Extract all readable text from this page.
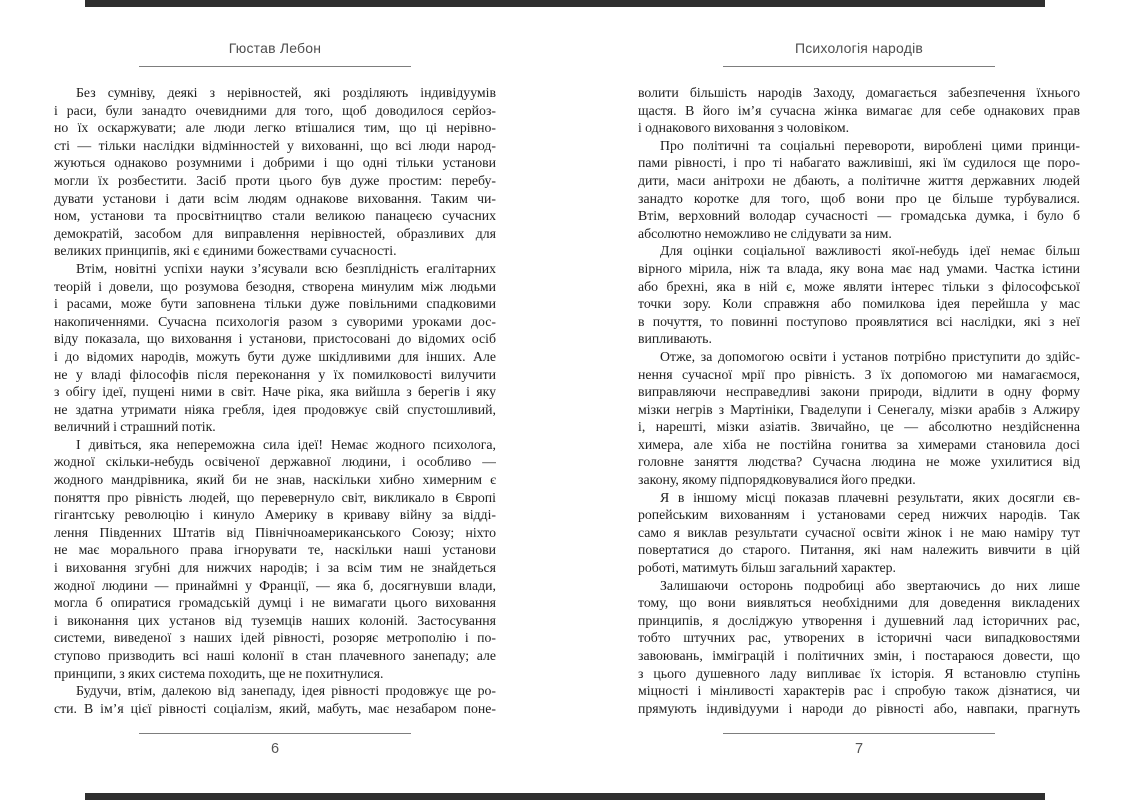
Гюстав Лебон
Без сумніву, деякі з нерівностей, які розділяють індивідуумів
і раси, були занадто очевидними для того, щоб доводилося серйоз-
но їх оскаржувати; але люди легко втішалися тим, що ці нерівно-
сті — тільки наслідки відмінностей у вихованні, що всі люди народ-
жуються однаково розумними і добрими і що одні тільки установи
могли їх розбестити. Засіб проти цього був дуже простим: перебу-
дувати установи і дати всім людям однакове виховання. Таким чи-
ном, установи та просвітництво стали великою панацеєю сучасних
демократій, засобом для виправлення нерівностей, образливих для
великих принципів, які є єдиними божествами сучасності.
Втім, новітні успіхи науки з’ясували всю безплідність егалітарних
теорій і довели, що розумова безодня, створена минулим між людьми
і расами, може бути заповнена тільки дуже повільними спадковими
накопиченнями. Сучасна психологія разом з суворими уроками дос-
віду показала, що виховання і установи, пристосовані до відомих осіб
і до відомих народів, можуть бути дуже шкідливими для інших. Але
не у владі філософів після переконання у їх помилковості вилучити
з обігу ідеї, пущені ними в світ. Наче ріка, яка вийшла з берегів і яку
не здатна утримати ніяка гребля, ідея продовжує свій спустошливий,
величний і страшний потік.
І дивіться, яка непереможна сила ідеї! Немає жодного психолога,
жодної скільки-небудь освіченої державної людини, і особливо —
жодного мандрівника, який би не знав, наскільки хибно химерним є
поняття про рівність людей, що перевернуло світ, викликало в Європі
гігантську революцію і кинуло Америку в криваву війну за відді-
лення Південних Штатів від Північноамериканського Союзу; ніхто
не має морального права ігнорувати те, наскільки наші установи
і виховання згубні для нижчих народів; і за всім тим не знайдеться
жодної людини — принаймні у Франції, — яка б, досягнувши влади,
могла б опиратися громадській думці і не вимагати цього виховання
і виконання цих установ від туземців наших колоній. Застосування
системи, виведеної з наших ідей рівності, розоряє метрополію і по-
ступово призводить всі наші колонії в стан плачевного занепаду; але
принципи, з яких система походить, ще не похитнулися.
Будучи, втім, далекою від занепаду, ідея рівності продовжує ще ро-
сти. В ім’я цієї рівності соціалізм, який, мабуть, має незабаром поне-
6
Психологія народів
волити більшість народів Заходу, домагається забезпечення їхнього
щастя. В його ім’я сучасна жінка вимагає для себе однакових прав
і однакового виховання з чоловіком.
Про політичні та соціальні перевороти, вироблені цими принци-
пами рівності, і про ті набагато важливіші, які їм судилося ще поро-
дити, маси анітрохи не дбають, а політичне життя державних людей
занадто коротке для того, щоб вони про це більше турбувалися.
Втім, верховний володар сучасності — громадська думка, і було б
абсолютно неможливо не слідувати за ним.
Для оцінки соціальної важливості якої-небудь ідеї немає більш
вірного мірила, ніж та влада, яку вона має над умами. Частка істини
або брехні, яка в ній є, може являти інтерес тільки з філософської
точки зору. Коли справжня або помилкова ідея перейшла у мас
в почуття, то повинні поступово проявлятися всі наслідки, які з неї
випливають.
Отже, за допомогою освіти і установ потрібно приступити до здійс-
нення сучасної мрії про рівність. З їх допомогою ми намагаємося,
виправляючи несправедливі закони природи, відлити в одну форму
мізки негрів з Мартініки, Гваделупи і Сенегалу, мізки арабів з Алжиру
і, нарешті, мізки азіатів. Звичайно, це — абсолютно нездійсненна
химера, але хіба не постійна гонитва за химерами становила досі
головне заняття людства? Сучасна людина не може ухилитися від
закону, якому підпорядковувалися його предки.
Я в іншому місці показав плачевні результати, яких досягли єв-
ропейським вихованням і установами серед нижчих народів. Так
само я виклав результати сучасної освіти жінок і не маю наміру тут
повертатися до старого. Питання, які нам належить вивчити в цій
роботі, матимуть більш загальний характер.
Залишаючи осторонь подробиці або звертаючись до них лише
тому, що вони виявляться необхідними для доведення викладених
принципів, я досліджую утворення і душевний лад історичних рас,
тобто штучних рас, утворених в історичні часи випадковостями
завоювань, імміграцій і політичних змін, і постараюся довести, що
з цього душевного ладу випливає їх історія. Я встановлю ступінь
міцності і мінливості характерів рас і спробую також дізнатися, чи
прямують індивідууми і народи до рівності або, навпаки, прагнуть
7
